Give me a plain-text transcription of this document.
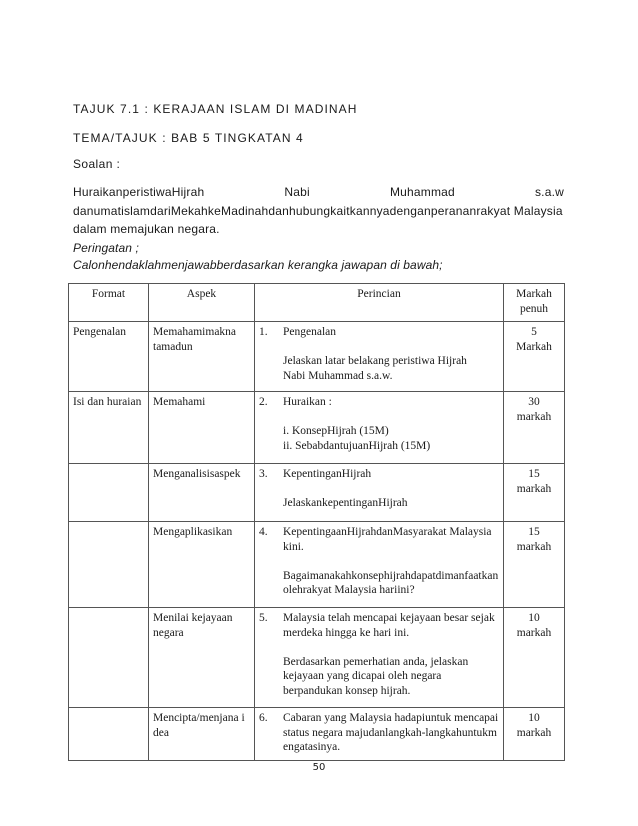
TAJUK 7.1 : KERAJAAN ISLAM DI MADINAH
TEMA/TAJUK : BAB 5 TINGKATAN 4
Soalan :
HuraikanperistiwaHijrah	Nabi	Muhammad	s.a.w
danumatislamdariMekahkeMadinahdanhubungkaitkannyadenganperananrakyat Malaysia
dalam memajukan negara.
Peringatan ;
Calonhendaklahmenjawabberdasarkan kerangka jawapan di bawah;
Format	Aspek	Perincian	Markah
penuh
Pengenalan	Memahamimakna tamadun	1. Pengenalan
Jelaskan latar belakang peristiwa Hijrah
Nabi Muhammad s.a.w.	5
Markah
Isi dan huraian	Memahami	2. Huraikan :
i. KonsepHijrah (15M)
ii. SebabdantujuanHijrah (15M)	30
markah
	Menganalisisaspek	3. KepentinganHijrah
JelaskankepentinganHijrah	15
markah
	Mengaplikasikan	4. KepentingaanHijrahdanMasyarakat Malaysia kini.
Bagaimanakahkonsephijrahdapatdimanfaatkanolehrakyat Malaysia hariini?	15
markah
	Menilai kejayaan negara	5. Malaysia telah mencapai kejayaan besar sejak merdeka hingga ke hari ini.
Berdasarkan pemerhatian anda, jelaskan kejayaan yang dicapai oleh negara berpandukan konsep hijrah.	10
markah
	Mencipta/menjana idea	6. Cabaran yang Malaysia hadapiuntuk mencapai status negara majudanlangkah-langkahuntukmengatasinya.	10
markah
50
